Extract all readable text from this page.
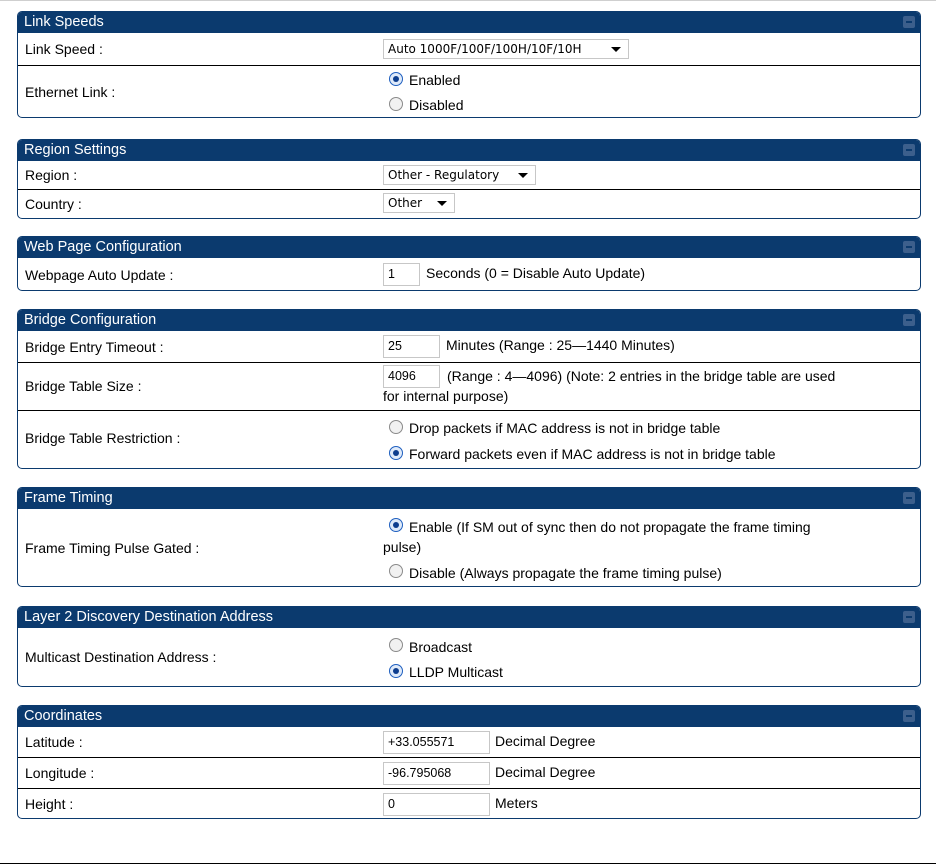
Link Speeds
Link Speed :	Auto 1000F/100F/100H/10F/10H
Ethernet Link :
Enabled
Disabled
Region Settings
Region :	Other - Regulatory
Country :	Other
Web Page Configuration
Webpage Auto Update :	1	Seconds (0 = Disable Auto Update)
Bridge Configuration
Bridge Entry Timeout :	25	Minutes (Range : 25—1440 Minutes)
Bridge Table Size :
4096	(Range : 4—4096) (Note: 2 entries in the bridge table are used
for internal purpose)
Bridge Table Restriction :
Drop packets if MAC address is not in bridge table
Forward packets even if MAC address is not in bridge table
Frame Timing
Frame Timing Pulse Gated :
Enable (If SM out of sync then do not propagate the frame timing
pulse)
Disable (Always propagate the frame timing pulse)
Layer 2 Discovery Destination Address
Multicast Destination Address :
Broadcast
LLDP Multicast
Coordinates
Latitude :	+33.055571	Decimal Degree
Longitude :	-96.795068	Decimal Degree
Height :	0	Meters
